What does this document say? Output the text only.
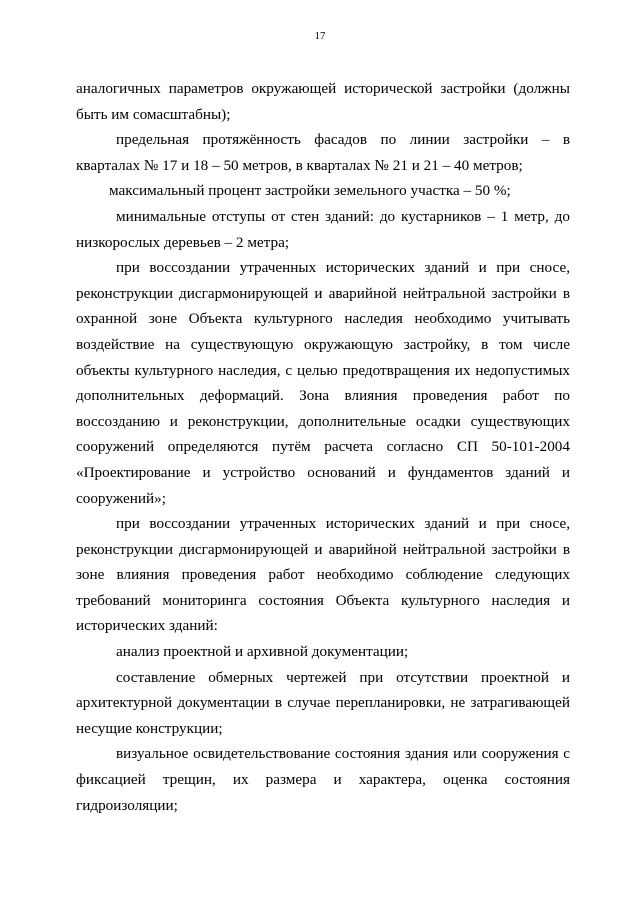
17

аналогичных параметров окружающей исторической застройки (должны быть им сомасштабны);

предельная протяжённость фасадов по линии застройки – в кварталах № 17 и 18 – 50 метров, в кварталах № 21 и 21 – 40 метров;

максимальный процент застройки земельного участка – 50 %;

минимальные отступы от стен зданий: до кустарников – 1 метр, до низкорослых деревьев – 2 метра;

при воссоздании утраченных исторических зданий и при сносе, реконструкции дисгармонирующей и аварийной нейтральной застройки в охранной зоне Объекта культурного наследия необходимо учитывать воздействие на существующую окружающую застройку, в том числе объекты культурного наследия, с целью предотвращения их недопустимых дополнительных деформаций. Зона влияния проведения работ по воссозданию и реконструкции, дополнительные осадки существующих сооружений определяются путём расчета согласно СП 50-101-2004 «Проектирование и устройство оснований и фундаментов зданий и сооружений»;

при воссоздании утраченных исторических зданий и при сносе, реконструкции дисгармонирующей и аварийной нейтральной застройки в зоне влияния проведения работ необходимо соблюдение следующих требований мониторинга состояния Объекта культурного наследия и исторических зданий:

анализ проектной и архивной документации;

составление обмерных чертежей при отсутствии проектной и архитектурной документации в случае перепланировки, не затрагивающей несущие конструкции;

визуальное освидетельствование состояния здания или сооружения с фиксацией трещин, их размера и характера, оценка состояния гидроизоляции;
